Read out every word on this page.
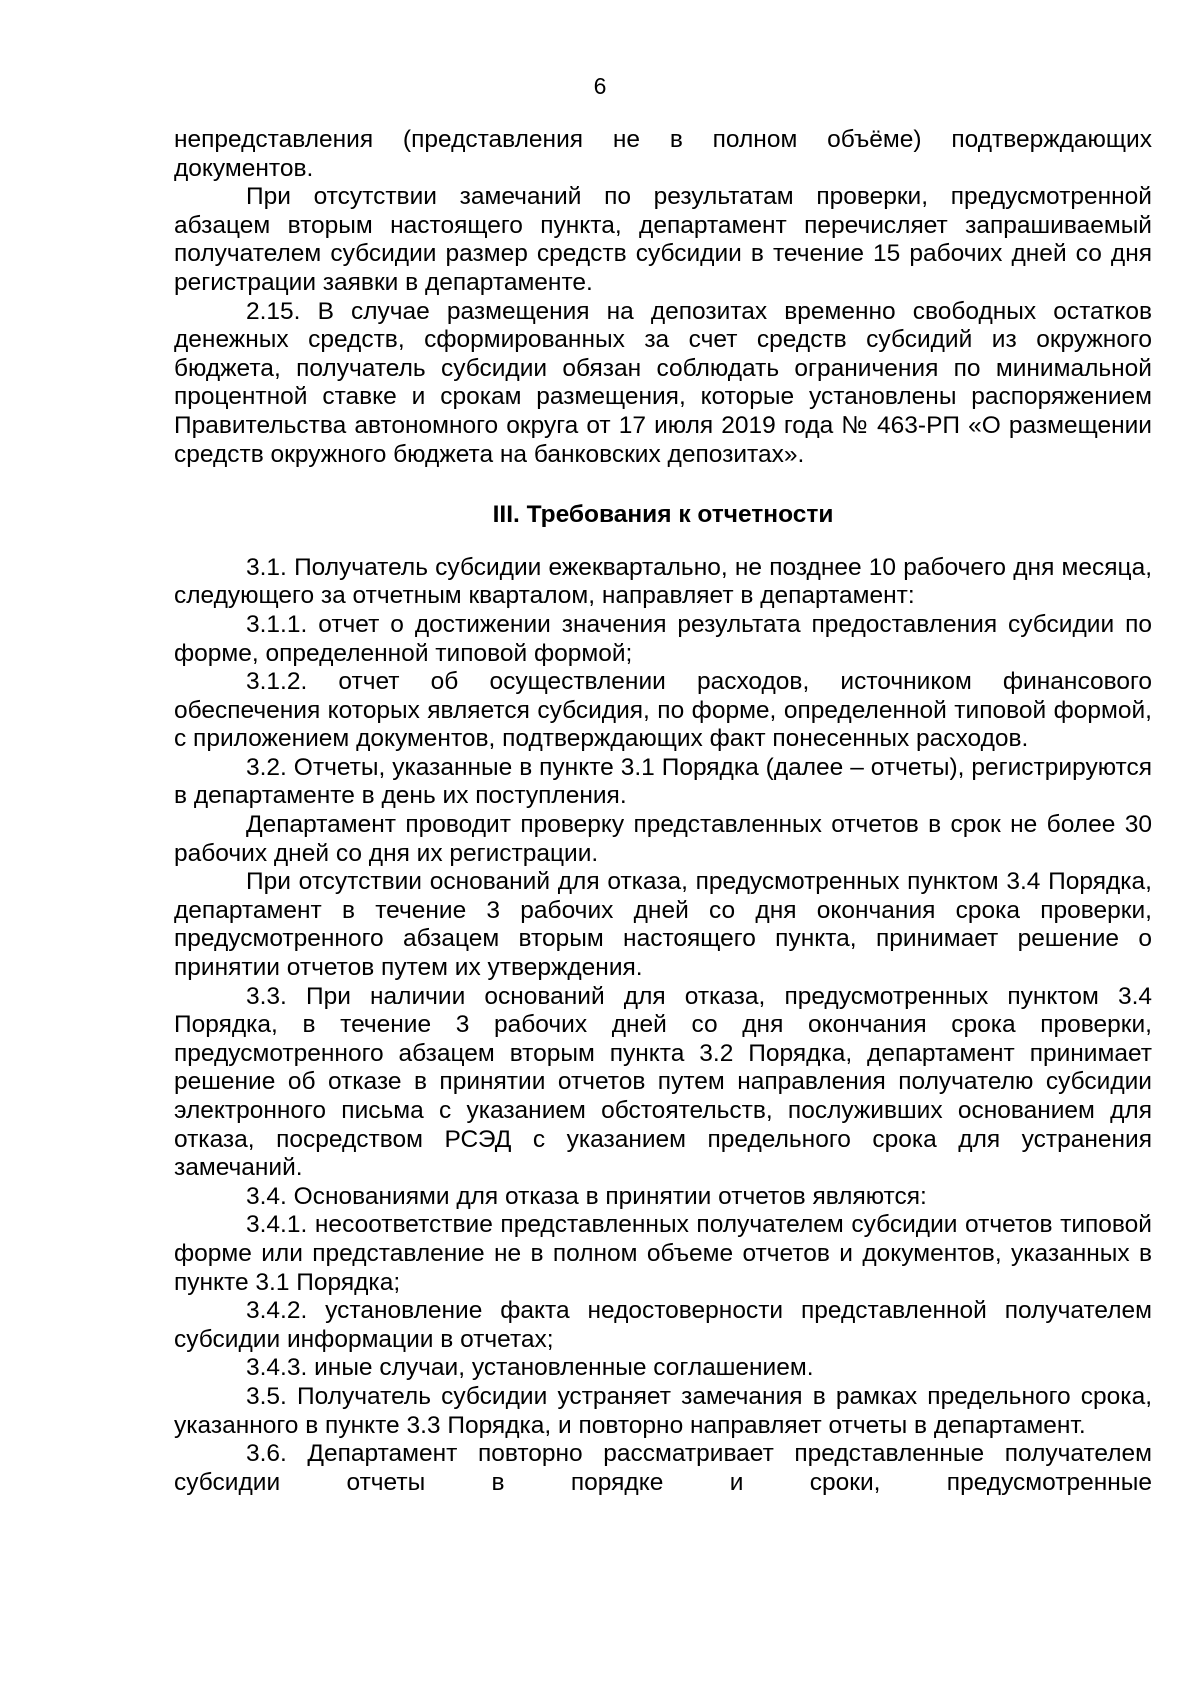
6

непредставления (представления не в полном объёме) подтверждающих документов.

При отсутствии замечаний по результатам проверки, предусмотренной абзацем вторым настоящего пункта, департамент перечисляет запрашиваемый получателем субсидии размер средств субсидии в течение 15 рабочих дней со дня регистрации заявки в департаменте.

2.15. В случае размещения на депозитах временно свободных остатков денежных средств, сформированных за счет средств субсидий из окружного бюджета, получатель субсидии обязан соблюдать ограничения по минимальной процентной ставке и срокам размещения, которые установлены распоряжением Правительства автономного округа от 17 июля 2019 года № 463-РП «О размещении средств окружного бюджета на банковских депозитах».

III. Требования к отчетности

3.1. Получатель субсидии ежеквартально, не позднее 10 рабочего дня месяца, следующего за отчетным кварталом, направляет в департамент:

3.1.1. отчет о достижении значения результата предоставления субсидии по форме, определенной типовой формой;

3.1.2. отчет об осуществлении расходов, источником финансового обеспечения которых является субсидия, по форме, определенной типовой формой, с приложением документов, подтверждающих факт понесенных расходов.

3.2. Отчеты, указанные в пункте 3.1 Порядка (далее – отчеты), регистрируются в департаменте в день их поступления.

Департамент проводит проверку представленных отчетов в срок не более 30 рабочих дней со дня их регистрации.

При отсутствии оснований для отказа, предусмотренных пунктом 3.4 Порядка, департамент в течение 3 рабочих дней со дня окончания срока проверки, предусмотренного абзацем вторым настоящего пункта, принимает решение о принятии отчетов путем их утверждения.

3.3. При наличии оснований для отказа, предусмотренных пунктом 3.4 Порядка, в течение 3 рабочих дней со дня окончания срока проверки, предусмотренного абзацем вторым пункта 3.2 Порядка, департамент принимает решение об отказе в принятии отчетов путем направления получателю субсидии электронного письма с указанием обстоятельств, послуживших основанием для отказа, посредством РСЭД с указанием предельного срока для устранения замечаний.

3.4. Основаниями для отказа в принятии отчетов являются:

3.4.1. несоответствие представленных получателем субсидии отчетов типовой форме или представление не в полном объеме отчетов и документов, указанных в пункте 3.1 Порядка;

3.4.2. установление факта недостоверности представленной получателем субсидии информации в отчетах;

3.4.3. иные случаи, установленные соглашением.

3.5. Получатель субсидии устраняет замечания в рамках предельного срока, указанного в пункте 3.3 Порядка, и повторно направляет отчеты в департамент.

3.6. Департамент повторно рассматривает представленные получателем субсидии отчеты в порядке и сроки, предусмотренные
